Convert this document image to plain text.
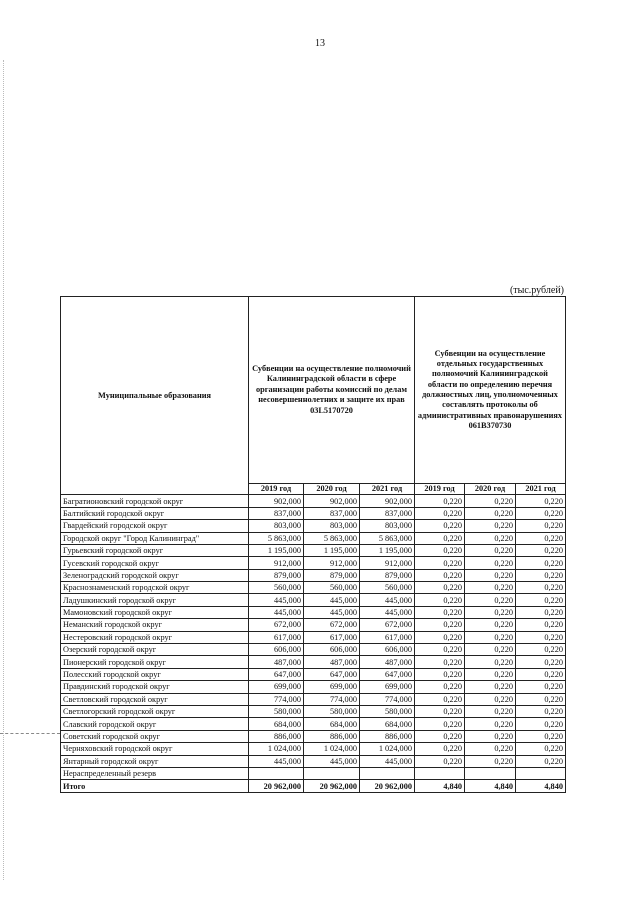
13
(тыс.рублей)
Муниципальные образования	Субвенции на осуществление полномочий Калининградской области в сфере организации работы комиссий по делам несовершеннолетних и защите их прав 03L5170720			Субвенции на осуществление отдельных государственных полномочий Калининградской области по определению перечня должностных лиц, уполномоченных составлять протоколы об административных правонарушениях 061B370730		
	2019 год	2020 год	2021 год	2019 год	2020 год	2021 год
Багратионовский городской округ	902,000	902,000	902,000	0,220	0,220	0,220
Балтийский городской округ	837,000	837,000	837,000	0,220	0,220	0,220
Гвардейский городской округ	803,000	803,000	803,000	0,220	0,220	0,220
Городской округ "Город Калининград"	5 863,000	5 863,000	5 863,000	0,220	0,220	0,220
Гурьевский городской округ	1 195,000	1 195,000	1 195,000	0,220	0,220	0,220
Гусевский городской округ	912,000	912,000	912,000	0,220	0,220	0,220
Зеленоградский городской округ	879,000	879,000	879,000	0,220	0,220	0,220
Краснознаменский городской округ	560,000	560,000	560,000	0,220	0,220	0,220
Ладушкинский городской округ	445,000	445,000	445,000	0,220	0,220	0,220
Мамоновский городской округ	445,000	445,000	445,000	0,220	0,220	0,220
Неманский городской округ	672,000	672,000	672,000	0,220	0,220	0,220
Нестеровский городской округ	617,000	617,000	617,000	0,220	0,220	0,220
Озерский городской округ	606,000	606,000	606,000	0,220	0,220	0,220
Пионерский городской округ	487,000	487,000	487,000	0,220	0,220	0,220
Полесский городской округ	647,000	647,000	647,000	0,220	0,220	0,220
Правдинский городской округ	699,000	699,000	699,000	0,220	0,220	0,220
Светловский городской округ	774,000	774,000	774,000	0,220	0,220	0,220
Светлогорский городской округ	580,000	580,000	580,000	0,220	0,220	0,220
Славский городской округ	684,000	684,000	684,000	0,220	0,220	0,220
Советский городской округ	886,000	886,000	886,000	0,220	0,220	0,220
Черняховский городской округ	1 024,000	1 024,000	1 024,000	0,220	0,220	0,220
Янтарный городской округ	445,000	445,000	445,000	0,220	0,220	0,220
Нераспределенный резерв						
Итого	20 962,000	20 962,000	20 962,000	4,840	4,840	4,840
